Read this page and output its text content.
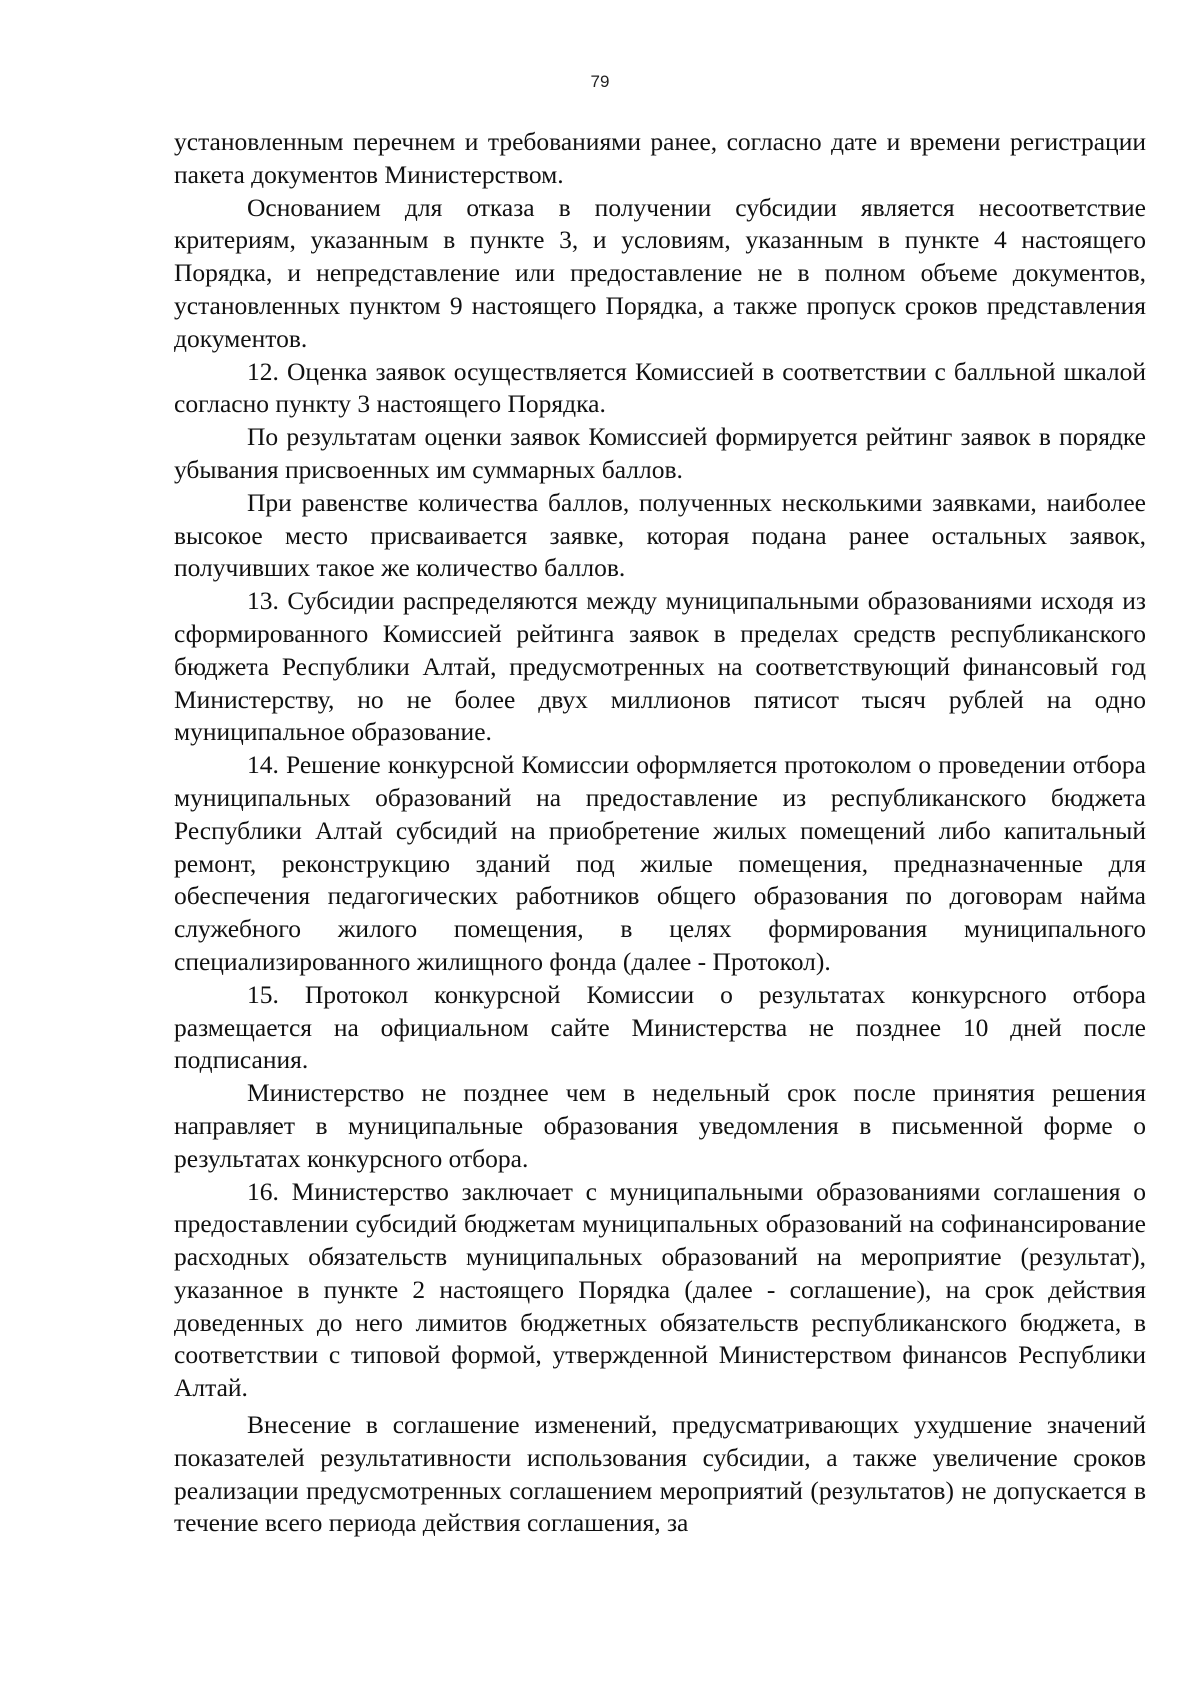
79

установленным перечнем и требованиями ранее, согласно дате и времени регистрации пакета документов Министерством.

Основанием для отказа в получении субсидии является несоответствие критериям, указанным в пункте 3, и условиям, указанным в пункте 4 настоящего Порядка, и непредставление или предоставление не в полном объеме документов, установленных пунктом 9 настоящего Порядка, а также пропуск сроков представления документов.

12. Оценка заявок осуществляется Комиссией в соответствии с балльной шкалой согласно пункту 3 настоящего Порядка.

По результатам оценки заявок Комиссией формируется рейтинг заявок в порядке убывания присвоенных им суммарных баллов.

При равенстве количества баллов, полученных несколькими заявками, наиболее высокое место присваивается заявке, которая подана ранее остальных заявок, получивших такое же количество баллов.

13. Субсидии распределяются между муниципальными образованиями исходя из сформированного Комиссией рейтинга заявок в пределах средств республиканского бюджета Республики Алтай, предусмотренных на соответствующий финансовый год Министерству, но не более двух миллионов пятисот тысяч рублей на одно муниципальное образование.

14. Решение конкурсной Комиссии оформляется протоколом о проведении отбора муниципальных образований на предоставление из республиканского бюджета Республики Алтай субсидий на приобретение жилых помещений либо капитальный ремонт, реконструкцию зданий под жилые помещения, предназначенные для обеспечения педагогических работников общего образования по договорам найма служебного жилого помещения, в целях формирования муниципального специализированного жилищного фонда (далее - Протокол).

15. Протокол конкурсной Комиссии о результатах конкурсного отбора размещается на официальном сайте Министерства не позднее 10 дней после подписания.

Министерство не позднее чем в недельный срок после принятия решения направляет в муниципальные образования уведомления в письменной форме о результатах конкурсного отбора.

16. Министерство заключает с муниципальными образованиями соглашения о предоставлении субсидий бюджетам муниципальных образований на софинансирование расходных обязательств муниципальных образований на мероприятие (результат), указанное в пункте 2 настоящего Порядка (далее - соглашение), на срок действия доведенных до него лимитов бюджетных обязательств республиканского бюджета, в соответствии с типовой формой, утвержденной Министерством финансов Республики Алтай.

Внесение в соглашение изменений, предусматривающих ухудшение значений показателей результативности использования субсидии, а также увеличение сроков реализации предусмотренных соглашением мероприятий (результатов) не допускается в течение всего периода действия соглашения, за
